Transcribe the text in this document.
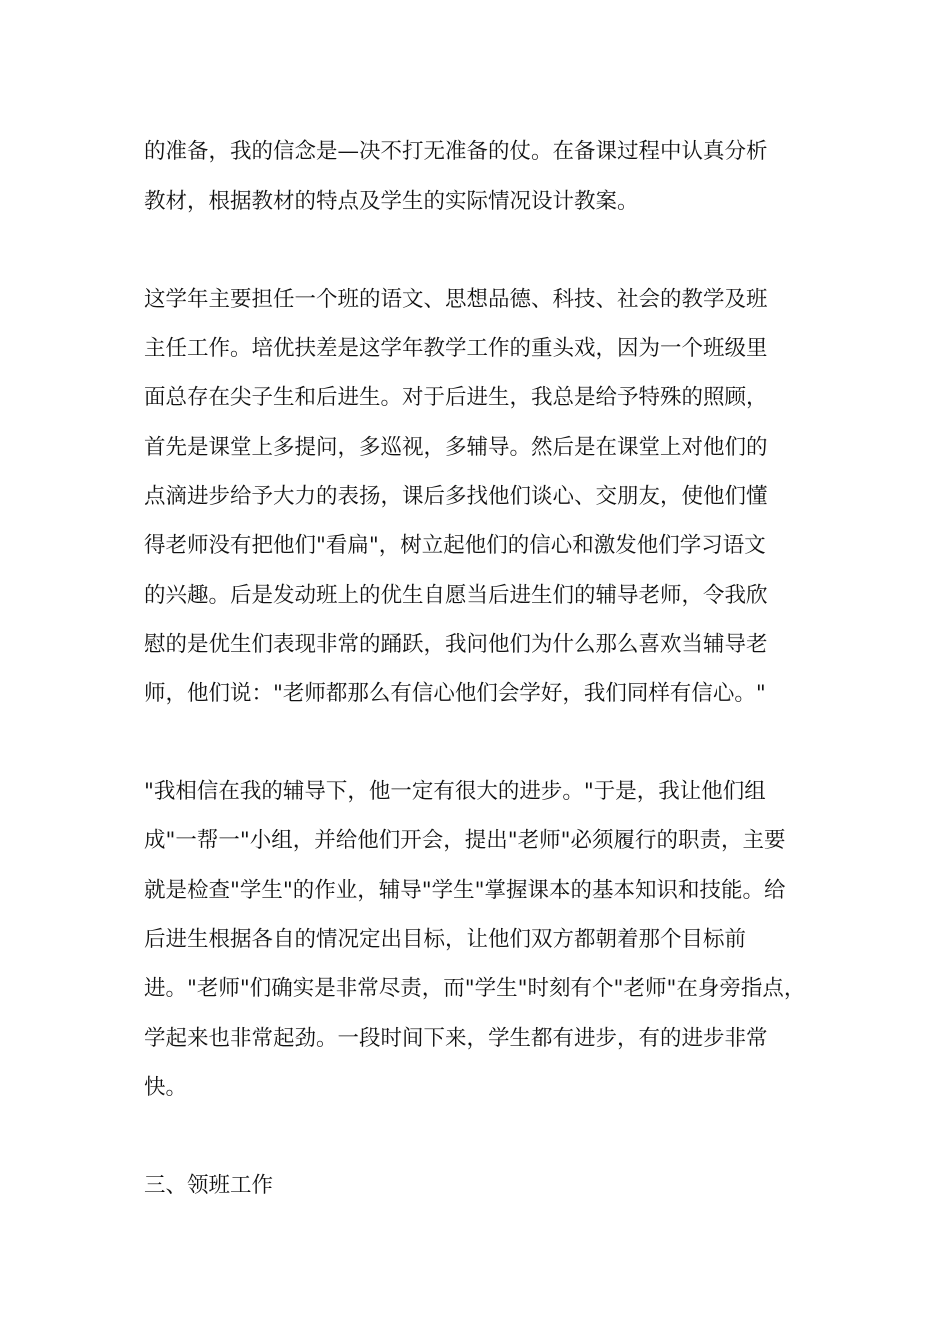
的准备，我的信念是—决不打无准备的仗。在备课过程中认真分析
教材，根据教材的特点及学生的实际情况设计教案。
这学年主要担任一个班的语文、思想品德、科技、社会的教学及班
主任工作。培优扶差是这学年教学工作的重头戏，因为一个班级里
面总存在尖子生和后进生。对于后进生，我总是给予特殊的照顾，
首先是课堂上多提问，多巡视，多辅导。然后是在课堂上对他们的
点滴进步给予大力的表扬，课后多找他们谈心、交朋友，使他们懂
得老师没有把他们"看扁"，树立起他们的信心和激发他们学习语文
的兴趣。后是发动班上的优生自愿当后进生们的辅导老师，令我欣
慰的是优生们表现非常的踊跃，我问他们为什么那么喜欢当辅导老
师，他们说："老师都那么有信心他们会学好，我们同样有信心。"
"我相信在我的辅导下，他一定有很大的进步。"于是，我让他们组
成"一帮一"小组，并给他们开会，提出"老师"必须履行的职责，主要
就是检查"学生"的作业，辅导"学生"掌握课本的基本知识和技能。给
后进生根据各自的情况定出目标，让他们双方都朝着那个目标前
进。"老师"们确实是非常尽责，而"学生"时刻有个"老师"在身旁指点，
学起来也非常起劲。一段时间下来，学生都有进步，有的进步非常
快。
三、领班工作
